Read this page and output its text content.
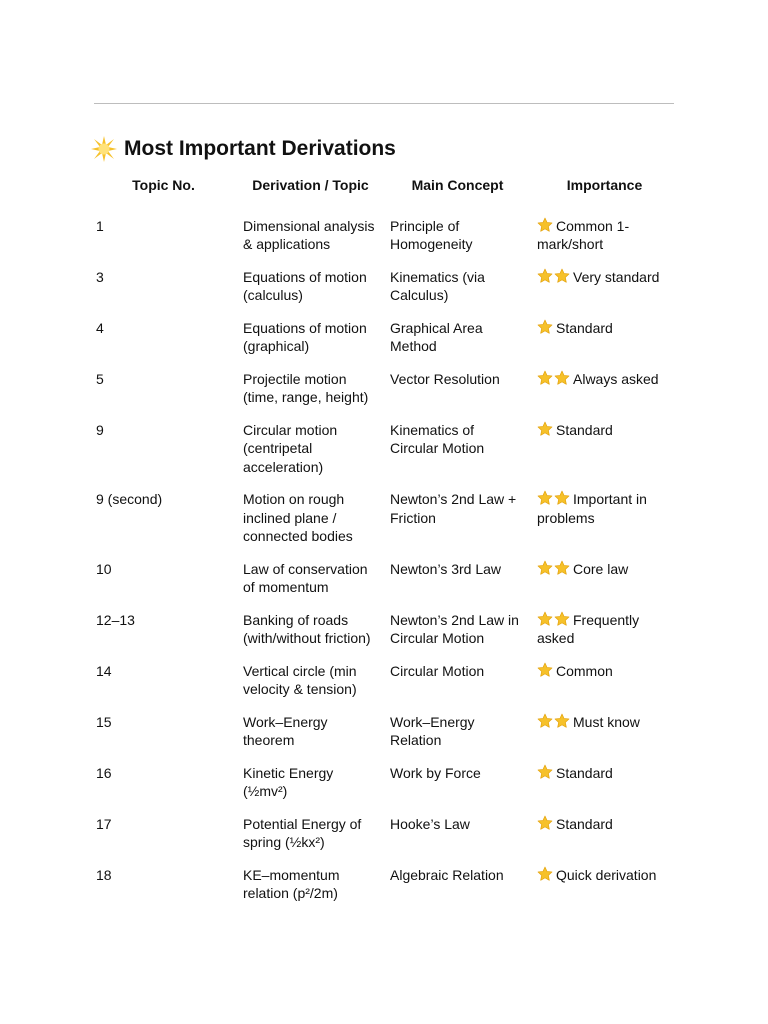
Most Important Derivations
Topic No.	Derivation / Topic	Main Concept	Importance
1	Dimensional analysis & applications	Principle of Homogeneity	Common 1-mark/short
3	Equations of motion (calculus)	Kinematics (via Calculus)	Very standard
4	Equations of motion (graphical)	Graphical Area Method	Standard
5	Projectile motion (time, range, height)	Vector Resolution	Always asked
9	Circular motion (centripetal acceleration)	Kinematics of Circular Motion	Standard
9 (second)	Motion on rough inclined plane / connected bodies	Newton’s 2nd Law + Friction	Important in problems
10	Law of conservation of momentum	Newton’s 3rd Law	Core law
12–13	Banking of roads (with/without friction)	Newton’s 2nd Law in Circular Motion	Frequently asked
14	Vertical circle (min velocity & tension)	Circular Motion	Common
15	Work–Energy theorem	Work–Energy Relation	Must know
16	Kinetic Energy (½mv²)	Work by Force	Standard
17	Potential Energy of spring (½kx²)	Hooke’s Law	Standard
18	KE–momentum relation (p²/2m)	Algebraic Relation	Quick derivation
